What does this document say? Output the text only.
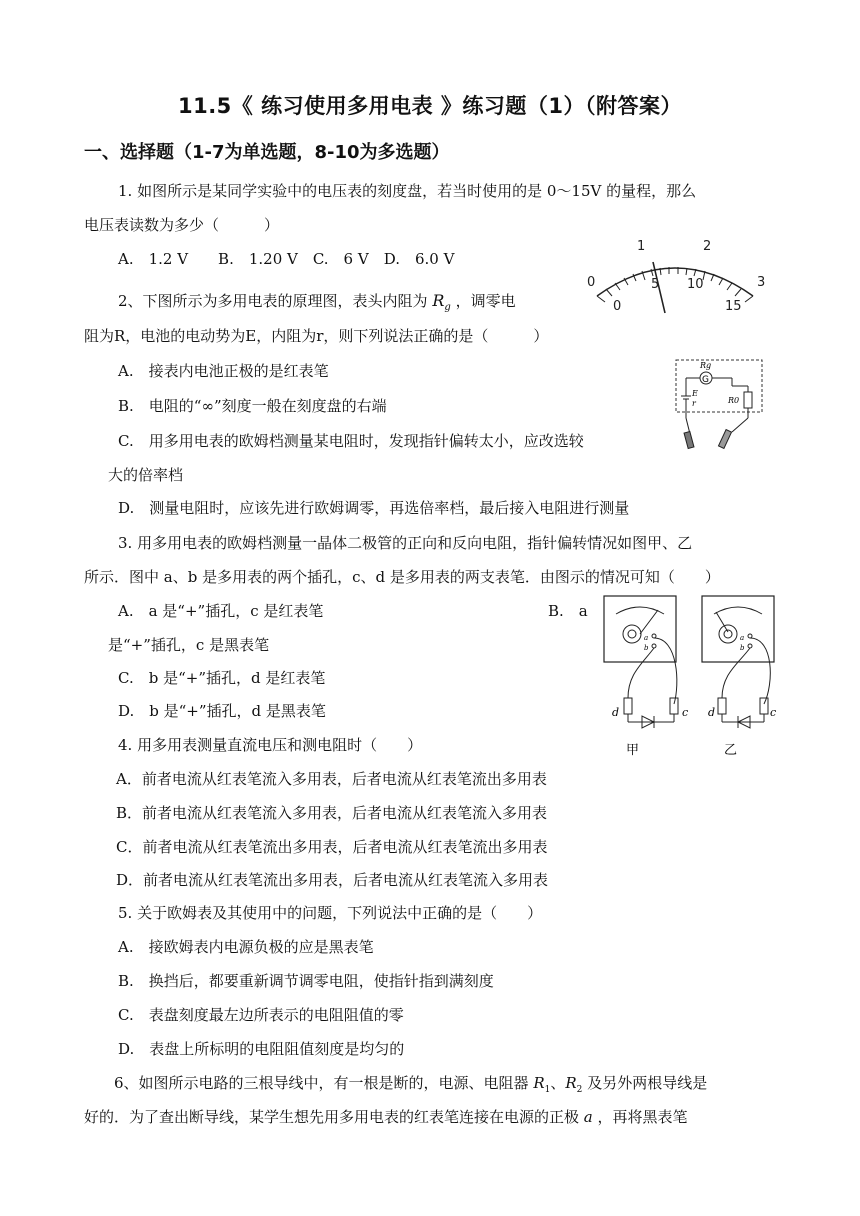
11.5《 练习使用多用电表 》练习题（1）（附答案）
一、选择题（1-7为单选题，8-10为多选题）
1. 如图所示是某同学实验中的电压表的刻度盘，若当时使用的是 0～15V 的量程，那么
电压表读数为多少（　　　）
A.　1.2 V　　B.　1.20 V　C.　6 V　D.　6.0 V
0
1	2
3
0
5 10
15
2、下图所示为多用电表的原理图，表头内阻为 $R_g$ ，调零电
阻为R，电池的电动势为E，内阻为r，则下列说法正确的是（　　　）
A.　接表内电池正极的是红表笔
B.　电阻的“∞”刻度一般在刻度盘的右端
C.　用多用电表的欧姆档测量某电阻时，发现指针偏转太小，应改选较
大的倍率档
D.　测量电阻时，应该先进行欧姆调零，再选倍率档，最后接入电阻进行测量
G
Rg
R0
E
r
3. 用多用电表的欧姆档测量一晶体二极管的正向和反向电阻，指针偏转情况如图甲、乙
所示．图中 a、b 是多用表的两个插孔，c、d 是多用表的两支表笔．由图示的情况可知（　　）
A.　a 是“+”插孔，c 是红表笔	B.　a
是“+”插孔，c 是黑表笔
C.　b 是“+”插孔，d 是红表笔
D.　b 是“+”插孔，d 是黑表笔
a
b
d	c
甲
a
b
d	c
乙
4. 用多用表测量直流电压和测电阻时（　　）
A．前者电流从红表笔流入多用表，后者电流从红表笔流出多用表
B．前者电流从红表笔流入多用表，后者电流从红表笔流入多用表
C．前者电流从红表笔流出多用表，后者电流从红表笔流出多用表
D．前者电流从红表笔流出多用表，后者电流从红表笔流入多用表
5. 关于欧姆表及其使用中的问题，下列说法中正确的是（　　）
A.　接欧姆表内电源负极的应是黑表笔
B.　换挡后，都要重新调节调零电阻，使指针指到满刻度
C.　表盘刻度最左边所表示的电阻阻值的零
D.　表盘上所标明的电阻阻值刻度是均匀的
6、如图所示电路的三根导线中，有一根是断的，电源、电阻器 $R_1$、$R_2$ 及另外两根导线是
好的．为了查出断导线，某学生想先用多用电表的红表笔连接在电源的正极 a ，再将黑表笔
